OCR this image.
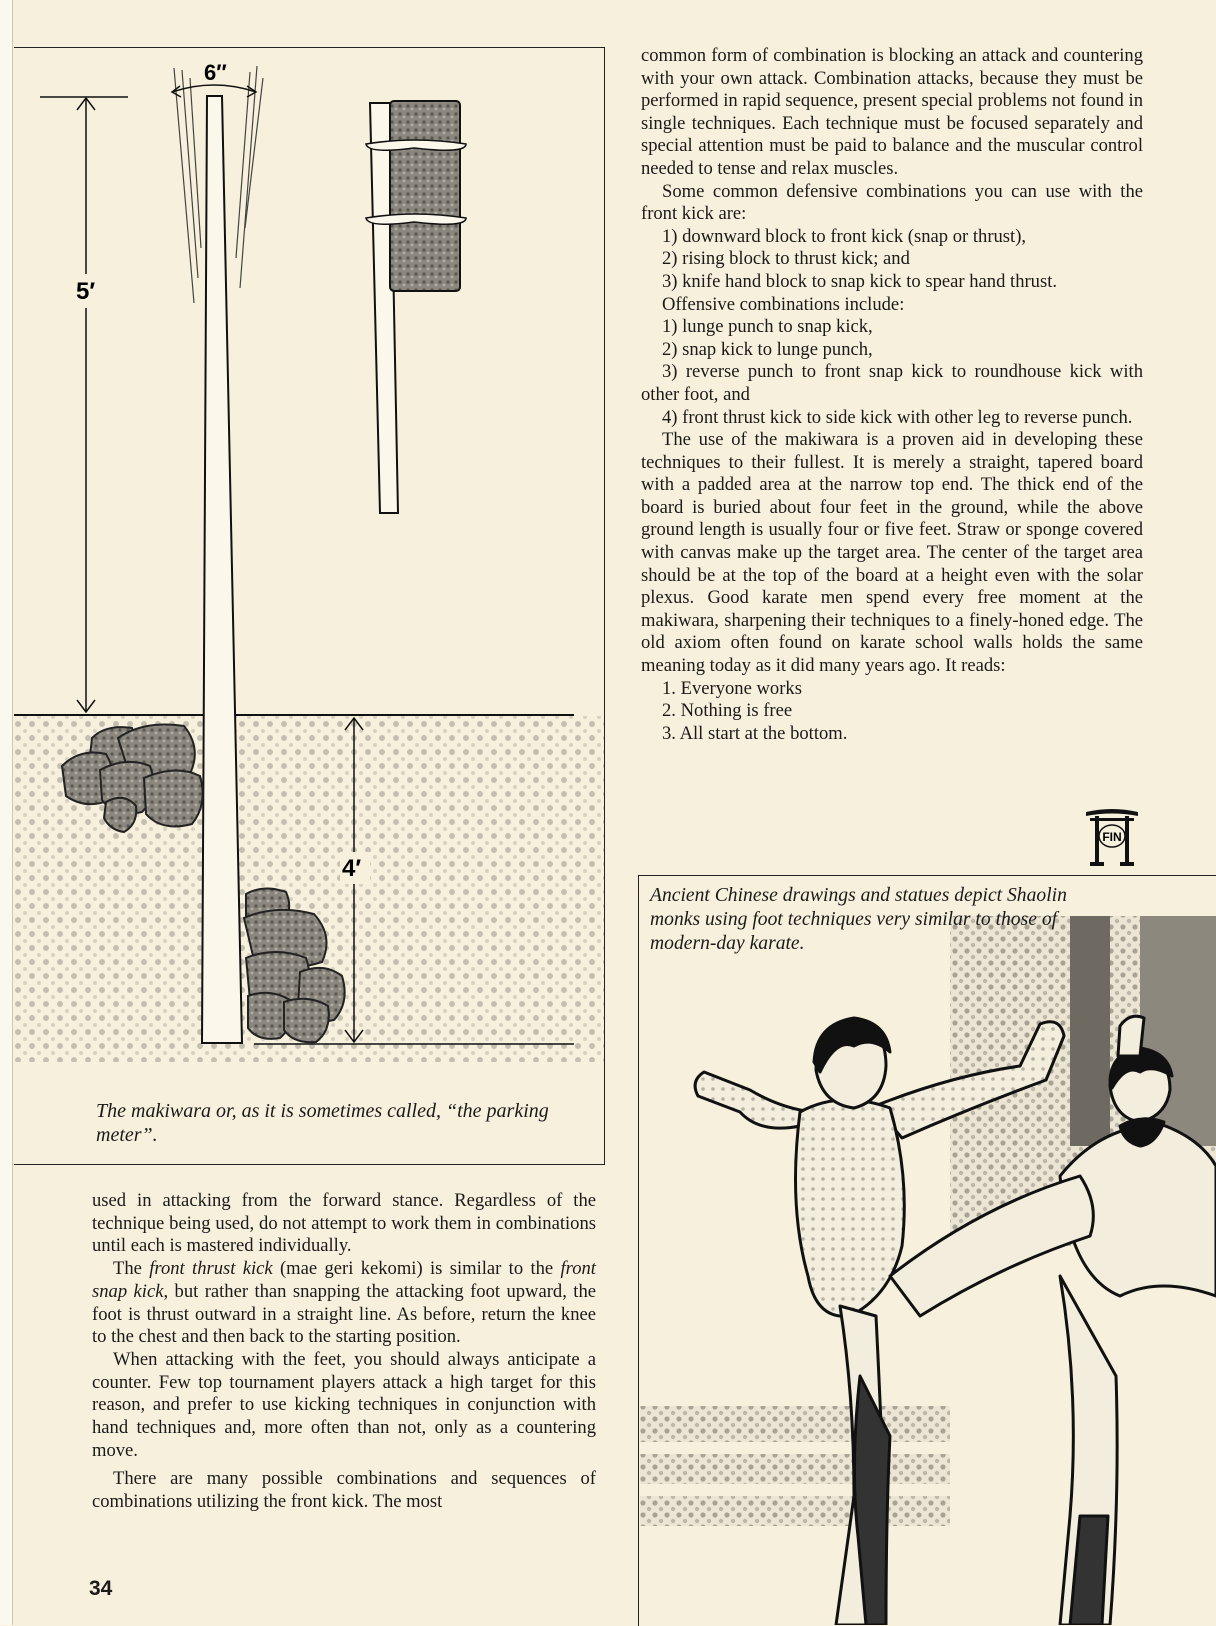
5′
4′
6″
The makiwara or, as it is sometimes called, “the parking meter”.

common form of combination is blocking an attack and countering with your own attack. Combination attacks, because they must be performed in rapid sequence, present special problems not found in single techniques. Each technique must be focused separately and special attention must be paid to balance and the muscular control needed to tense and relax muscles.

Some common defensive combinations you can use with the front kick are:

1) downward block to front kick (snap or thrust),

2) rising block to thrust kick; and

3) knife hand block to snap kick to spear hand thrust.

Offensive combinations include:

1) lunge punch to snap kick,

2) snap kick to lunge punch,

3) reverse punch to front snap kick to roundhouse kick with other foot, and

4) front thrust kick to side kick with other leg to reverse punch.

The use of the makiwara is a proven aid in developing these techniques to their fullest. It is merely a straight, tapered board with a padded area at the narrow top end. The thick end of the board is buried about four feet in the ground, while the above ground length is usually four or five feet. Straw or sponge covered with canvas make up the target area. The center of the target area should be at the top of the board at a height even with the solar plexus. Good karate men spend every free moment at the makiwara, sharpening their techniques to a finely-honed edge. The old axiom often found on karate school walls holds the same meaning today as it did many years ago. It reads:

1. Everyone works

2. Nothing is free

3. All start at the bottom.

FIN

used in attacking from the forward stance. Regardless of the technique being used, do not attempt to work them in combinations until each is mastered individually.

The front thrust kick (mae geri kekomi) is similar to the front snap kick, but rather than snapping the attacking foot upward, the foot is thrust outward in a straight line. As before, return the knee to the chest and then back to the starting position.

When attacking with the feet, you should always anticipate a counter. Few top tournament players attack a high target for this reason, and prefer to use kicking techniques in conjunction with hand techniques and, more often than not, only as a countering move.

There are many possible combinations and sequences of combinations utilizing the front kick. The most

34
Ancient Chinese drawings and statues depict Shaolin monks using foot techniques very similar to those of modern-day karate.
